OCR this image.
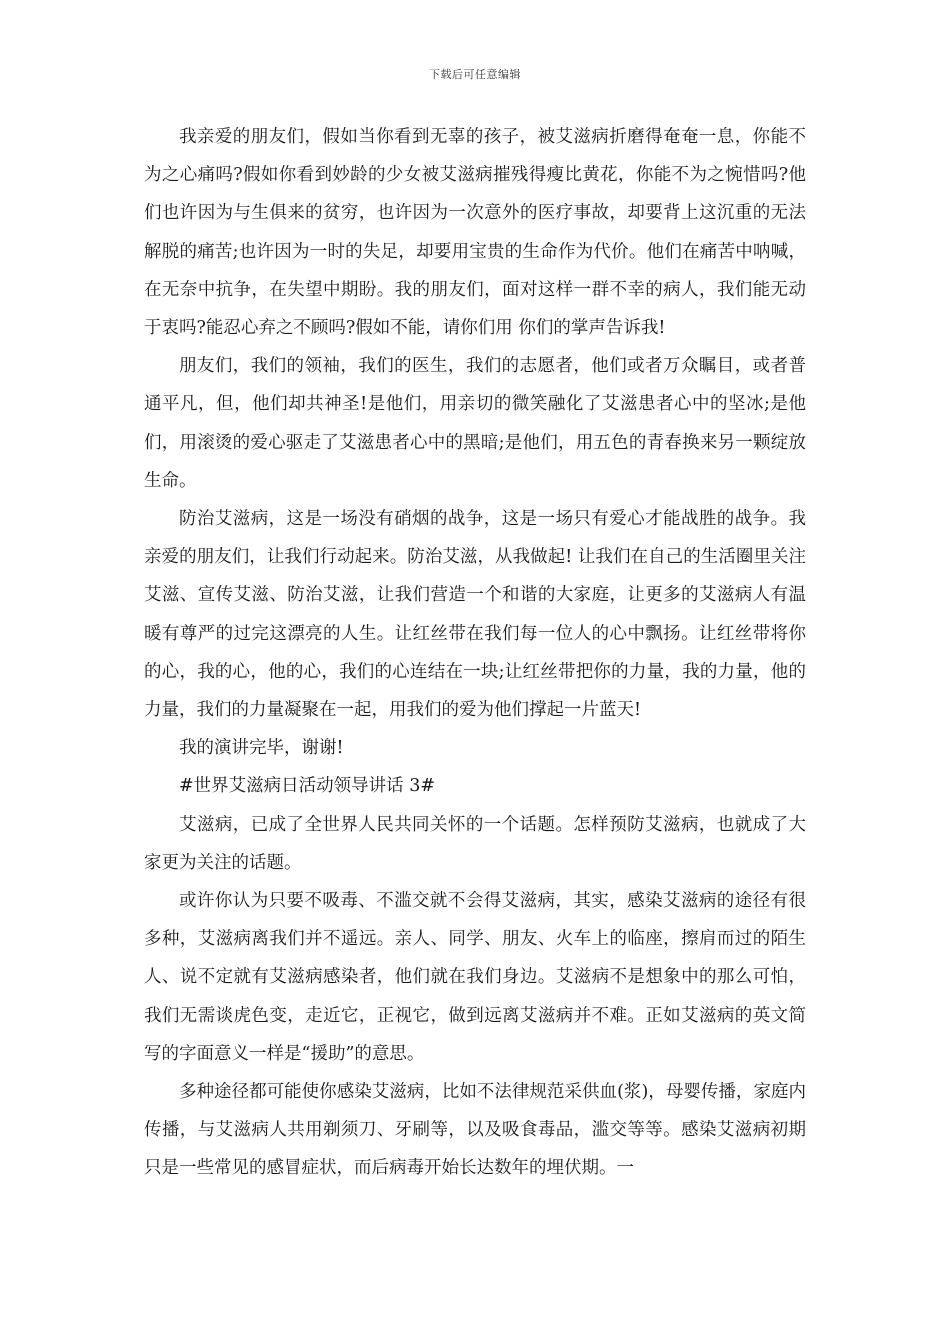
下载后可任意编辑

我亲爱的朋友们，假如当你看到无辜的孩子，被艾滋病折磨得奄奄一息，你能不为之心痛吗?假如你看到妙龄的少女被艾滋病摧残得瘦比黄花，你能不为之惋惜吗?他们也许因为与生俱来的贫穷，也许因为一次意外的医疗事故，却要背上这沉重的无法解脱的痛苦;也许因为一时的失足，却要用宝贵的生命作为代价。他们在痛苦中呐喊，在无奈中抗争，在失望中期盼。我的朋友们，面对这样一群不幸的病人，我们能无动于衷吗?能忍心弃之不顾吗?假如不能，请你们用 你们的掌声告诉我!

朋友们，我们的领袖，我们的医生，我们的志愿者，他们或者万众瞩目，或者普通平凡，但，他们却共神圣!是他们，用亲切的微笑融化了艾滋患者心中的坚冰;是他们，用滚烫的爱心驱走了艾滋患者心中的黑暗;是他们，用五色的青春换来另一颗绽放生命。

防治艾滋病，这是一场没有硝烟的战争，这是一场只有爱心才能战胜的战争。我亲爱的朋友们，让我们行动起来。防治艾滋，从我做起! 让我们在自己的生活圈里关注艾滋、宣传艾滋、防治艾滋，让我们营造一个和谐的大家庭，让更多的艾滋病人有温暖有尊严的过完这漂亮的人生。让红丝带在我们每一位人的心中飘扬。让红丝带将你的心，我的心，他的心，我们的心连结在一块;让红丝带把你的力量，我的力量，他的力量，我们的力量凝聚在一起，用我们的爱为他们撑起一片蓝天!

我的演讲完毕，谢谢!

#世界艾滋病日活动领导讲话 3#

艾滋病，已成了全世界人民共同关怀的一个话题。怎样预防艾滋病，也就成了大家更为关注的话题。

或许你认为只要不吸毒、不滥交就不会得艾滋病，其实，感染艾滋病的途径有很多种，艾滋病离我们并不遥远。亲人、同学、朋友、火车上的临座，擦肩而过的陌生人、说不定就有艾滋病感染者，他们就在我们身边。艾滋病不是想象中的那么可怕，我们无需谈虎色变，走近它，正视它，做到远离艾滋病并不难。正如艾滋病的英文简写的字面意义一样是“援助”的意思。

多种途径都可能使你感染艾滋病，比如不法律规范采供血(浆)，母婴传播，家庭内传播，与艾滋病人共用剃须刀、牙刷等，以及吸食毒品，滥交等等。感染艾滋病初期只是一些常见的感冒症状，而后病毒开始长达数年的埋伏期。一
